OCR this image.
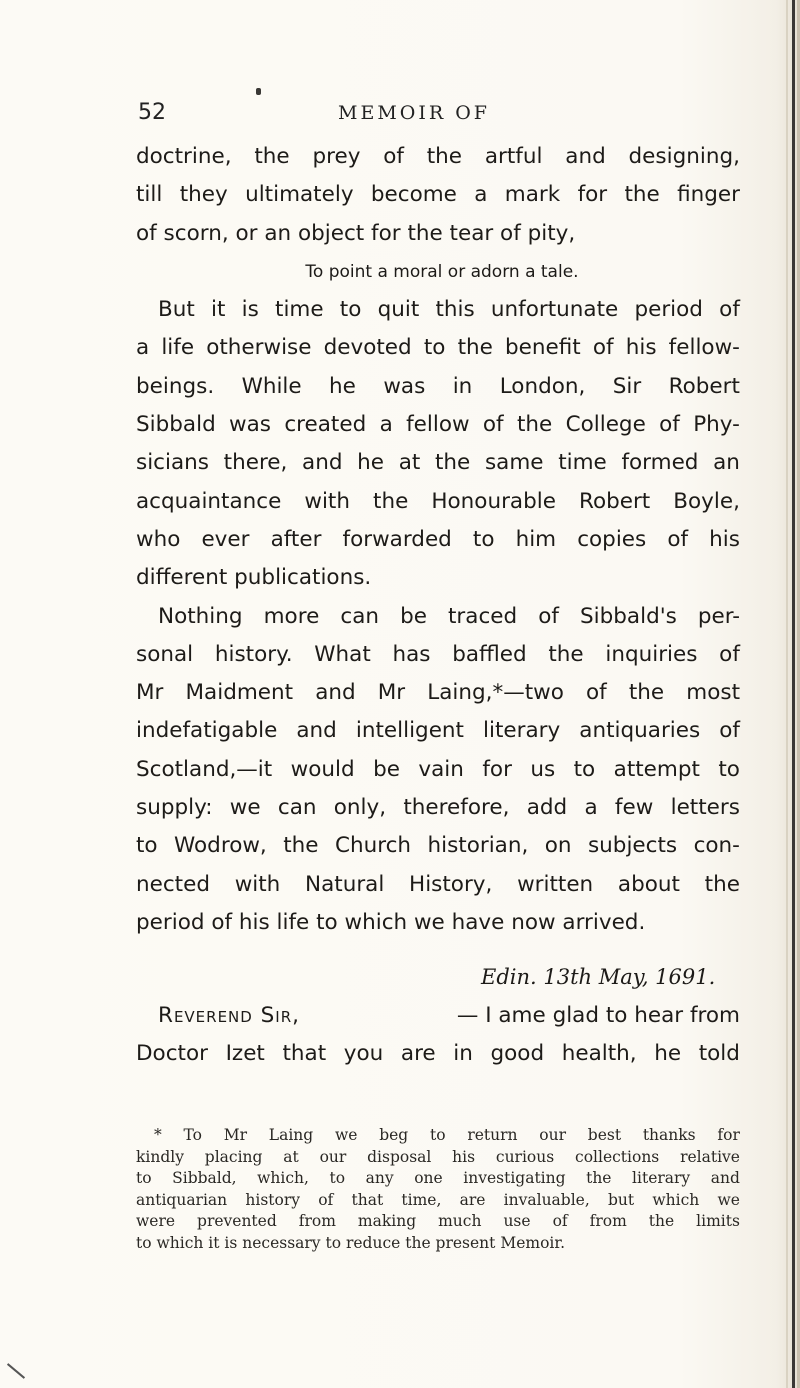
52	MEMOIR OF
doctrine, the prey of the artful and designing,
till they ultimately become a mark for the finger
of scorn, or an object for the tear of pity,
To point a moral or adorn a tale.
But it is time to quit this unfortunate period of
a life otherwise devoted to the benefit of his fellow-
beings. While he was in London, Sir Robert
Sibbald was created a fellow of the College of Phy-
sicians there, and he at the same time formed an
acquaintance with the Honourable Robert Boyle,
who ever after forwarded to him copies of his
different publications.
Nothing more can be traced of Sibbald's per-
sonal history. What has baffled the inquiries of
Mr Maidment and Mr Laing,*—two of the most
indefatigable and intelligent literary antiquaries of
Scotland,—it would be vain for us to attempt to
supply: we can only, therefore, add a few letters
to Wodrow, the Church historian, on subjects con-
nected with Natural History, written about the
period of his life to which we have now arrived.
Edin. 13th May, 1691.
Reverend Sir,	— I amе glad to hear from
Doctor Izet that you are in good health, he told
* To Mr Laing we beg to return our best thanks for
kindly placing at our disposal his curious collections relative
to Sibbald, which, to any one investigating the literary and
antiquarian history of that time, are invaluable, but which we
were prevented from making much use of from the limits
to which it is necessary to reduce the present Memoir.
